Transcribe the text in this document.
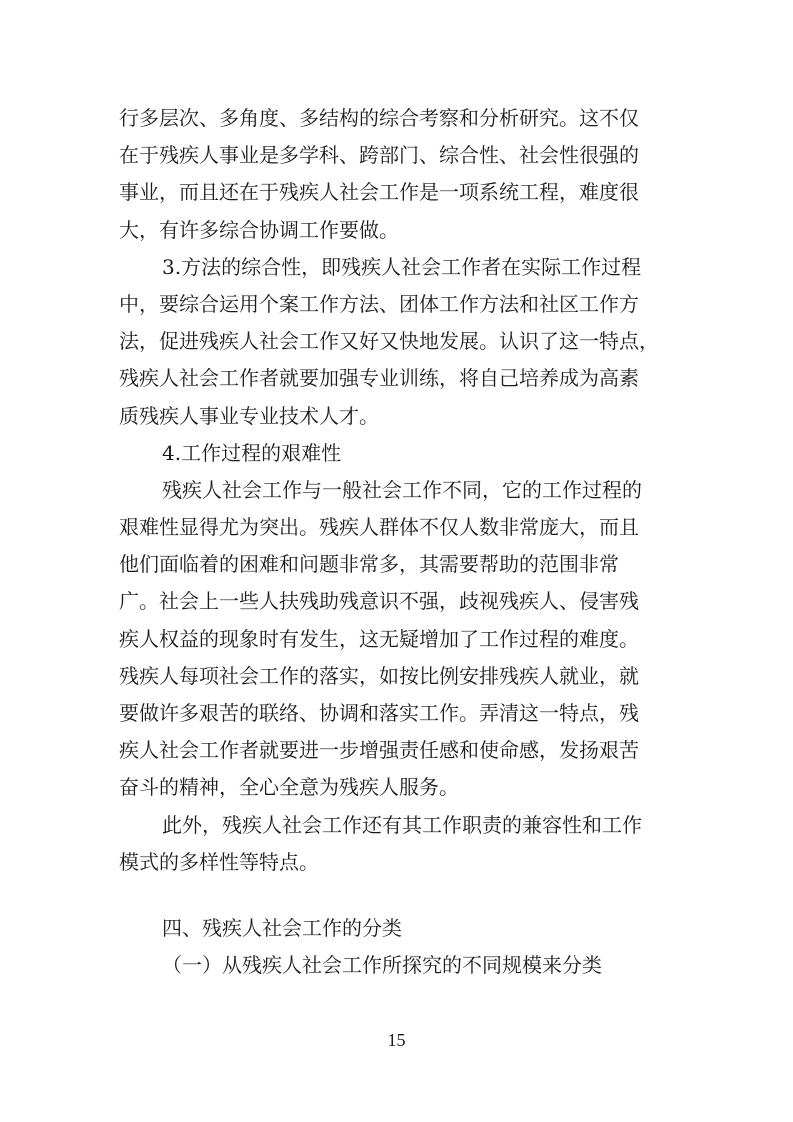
行多层次、多角度、多结构的综合考察和分析研究。这不仅
在于残疾人事业是多学科、跨部门、综合性、社会性很强的
事业，而且还在于残疾人社会工作是一项系统工程，难度很
大，有许多综合协调工作要做。
3.方法的综合性，即残疾人社会工作者在实际工作过程
中，要综合运用个案工作方法、团体工作方法和社区工作方
法，促进残疾人社会工作又好又快地发展。认识了这一特点，
残疾人社会工作者就要加强专业训练，将自己培养成为高素
质残疾人事业专业技术人才。
4.工作过程的艰难性
残疾人社会工作与一般社会工作不同，它的工作过程的
艰难性显得尤为突出。残疾人群体不仅人数非常庞大，而且
他们面临着的困难和问题非常多，其需要帮助的范围非常
广。社会上一些人扶残助残意识不强，歧视残疾人、侵害残
疾人权益的现象时有发生，这无疑增加了工作过程的难度。
残疾人每项社会工作的落实，如按比例安排残疾人就业，就
要做许多艰苦的联络、协调和落实工作。弄清这一特点，残
疾人社会工作者就要进一步增强责任感和使命感，发扬艰苦
奋斗的精神，全心全意为残疾人服务。
此外，残疾人社会工作还有其工作职责的兼容性和工作
模式的多样性等特点。
四、残疾人社会工作的分类
（一）从残疾人社会工作所探究的不同规模来分类
15
